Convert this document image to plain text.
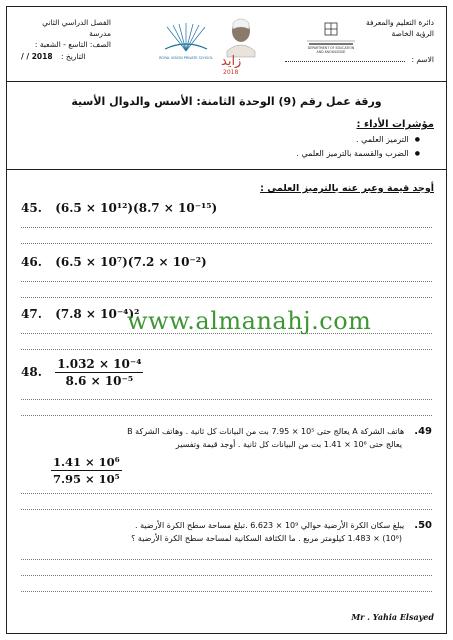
دائرة التعليم والمعرفة
الرؤية الخاصة
DEPARTMENT OF EDUCATION AND KNOWLEDGE
زايد
2018
ROYAL VISION PRIVATE SCHOOL
الفصل الدراسي الثاني مدرسة
الصف: التاسع - الشعبة :
التاريخ : 2018 / /	الاسم :
ورقة عمل رقم (9) الوحدة الثامنة: الأسس والدوال الأسية
مؤشرات الأداء :
● الترميز العلمي .
● الضرب والقسمة بالترميز العلمي .
أوجد قيمة وعبر عنه بالترميز العلمي :
45. (6.5 × 10¹²)(8.7 × 10⁻¹⁵)
46. (6.5 × 10⁷)(7.2 × 10⁻²)
47. (7.8 × 10⁻⁴)²
www.almanahj.com
48. $\frac{\text{1.032 × 10⁻⁴}}{\text{8.6 × 10⁻⁵}}$
49.هاتف الشركة A يعالج حتى 10⁵ × 7.95 بت من البيانات كل ثانية . وهاتف الشركة B
يعالج حتى 10⁶ × 1.41 بت من البيانات كل ثانية . أوجد قيمة وتفسير
$\frac{\text{1.41 × 10⁶}}{\text{7.95 × 10⁵}}$
50.يبلغ سكان الكرة الأرضية حوالي 10⁹ × 6.623 .تبلغ مساحة سطح الكرة الأرضية .
(10⁸) × 1.483 كيلومتر مربع . ما الكثافة السكانية لمساحة سطح الكرة الأرضية ؟
Mr . Yahia Elsayed
